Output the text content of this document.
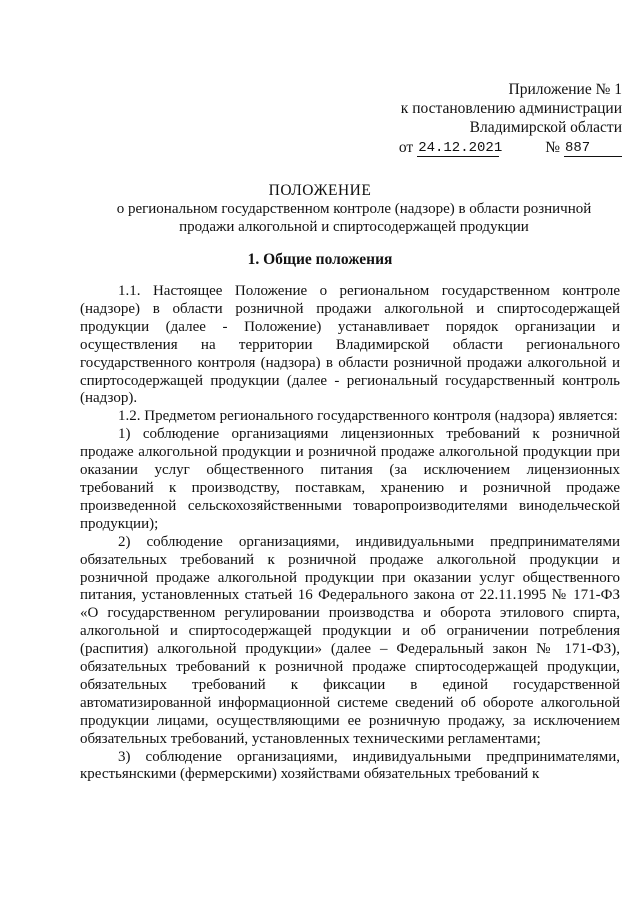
Приложение № 1
к постановлению администрации
Владимирской области
от 24.12.2021	№ 887
ПОЛОЖЕНИЕ
о региональном государственном контроле (надзоре) в области розничной продажи алкогольной и спиртосодержащей продукции
1. Общие положения

1.1. Настоящее Положение о региональном государственном контроле (надзоре) в области розничной продажи алкогольной и спиртосодержащей продукции (далее - Положение) устанавливает порядок организации и осуществления на территории Владимирской области регионального государственного контроля (надзора) в области розничной продажи алкогольной и спиртосодержащей продукции (далее - региональный государственный контроль (надзор).

1.2. Предметом регионального государственного контроля (надзора) является:

1) соблюдение организациями лицензионных требований к розничной продаже алкогольной продукции и розничной продаже алкогольной продукции при оказании услуг общественного питания (за исключением лицензионных требований к производству, поставкам, хранению и розничной продаже произведенной сельскохозяйственными товаропроизводителями винодельческой продукции);

2) соблюдение организациями, индивидуальными предпринимателями обязательных требований к розничной продаже алкогольной продукции и розничной продаже алкогольной продукции при оказании услуг общественного питания, установленных статьей 16 Федерального закона от 22.11.1995 № 171-ФЗ «О государственном регулировании производства и оборота этилового спирта, алкогольной и спиртосодержащей продукции и об ограничении потребления (распития) алкогольной продукции» (далее – Федеральный закон № 171-ФЗ), обязательных требований к розничной продаже спиртосодержащей продукции, обязательных требований к фиксации в единой государственной автоматизированной информационной системе сведений об обороте алкогольной продукции лицами, осуществляющими ее розничную продажу, за исключением обязательных требований, установленных техническими регламентами;

3) соблюдение организациями, индивидуальными предпринимателями, крестьянскими (фермерскими) хозяйствами обязательных требований к
